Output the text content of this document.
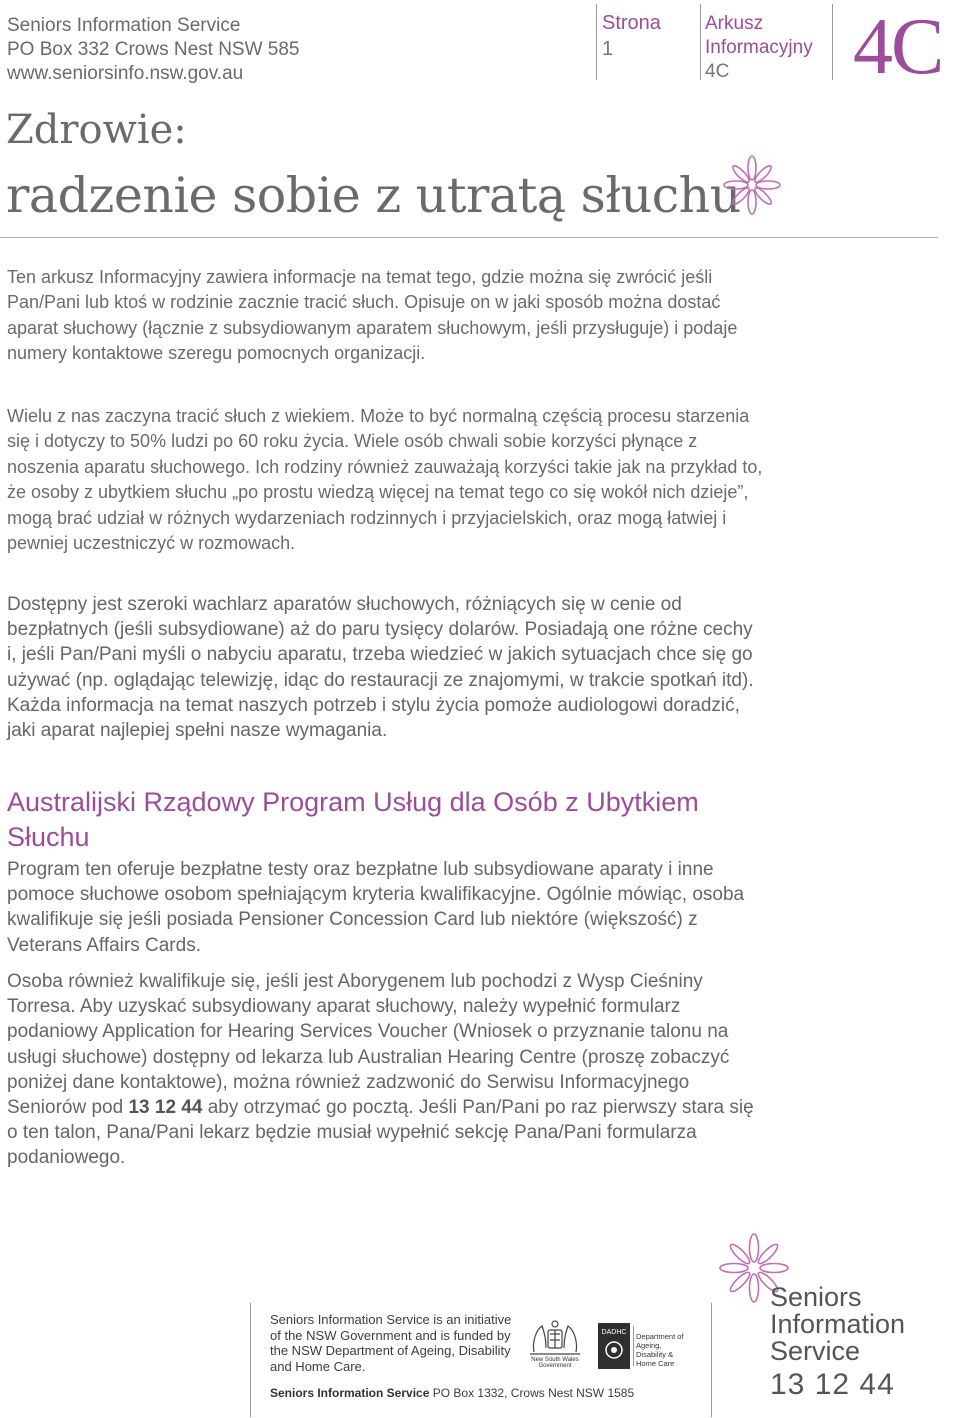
Seniors Information Service
PO Box 332 Crows Nest NSW 585
www.seniorsinfo.nsw.gov.au
Strona
1
Arkusz
Informacyjny
4C	4C
Zdrowie:
radzenie sobie z utratą słuchu
Ten arkusz Informacyjny zawiera informacje na temat tego, gdzie można się zwrócić jeśli Pan/Pani lub ktoś w rodzinie zacznie tracić słuch. Opisuje on w jaki sposób można dostać aparat słuchowy (łącznie z subsydiowanym aparatem słuchowym, jeśli przysługuje) i podaje numery kontaktowe szeregu pomocnych organizacji.
Wielu z nas zaczyna tracić słuch z wiekiem. Może to być normalną częścią procesu starzenia się i dotyczy to 50% ludzi po 60 roku życia. Wiele osób chwali sobie korzyści płynące z noszenia aparatu słuchowego. Ich rodziny również zauważają korzyści takie jak na przykład to, że osoby z ubytkiem słuchu „po prostu wiedzą więcej na temat tego co się wokół nich dzieje”, mogą brać udział w różnych wydarzeniach rodzinnych i przyjacielskich, oraz mogą łatwiej i pewniej uczestniczyć w rozmowach.
Dostępny jest szeroki wachlarz aparatów słuchowych, różniących się w cenie od bezpłatnych (jeśli subsydiowane) aż do paru tysięcy dolarów. Posiadają one różne cechy i, jeśli Pan/Pani myśli o nabyciu aparatu, trzeba wiedzieć w jakich sytuacjach chce się go używać (np. oglądając telewizję, idąc do restauracji ze znajomymi, w trakcie spotkań itd). Każda informacja na temat naszych potrzeb i stylu życia pomoże audiologowi doradzić, jaki aparat najlepiej spełni nasze wymagania.
Australijski Rządowy Program Usług dla Osób z Ubytkiem Słuchu
Program ten oferuje bezpłatne testy oraz bezpłatne lub subsydiowane aparaty i inne pomoce słuchowe osobom spełniającym kryteria kwalifikacyjne. Ogólnie mówiąc, osoba kwalifikuje się jeśli posiada Pensioner Concession Card lub niektóre (większość) z Veterans Affairs Cards.
Osoba również kwalifikuje się, jeśli jest Aborygenem lub pochodzi z Wysp Cieśniny Torresa. Aby uzyskać subsydiowany aparat słuchowy, należy wypełnić formularz podaniowy Application for Hearing Services Voucher (Wniosek o przyznanie talonu na usługi słuchowe) dostępny od lekarza lub Australian Hearing Centre (proszę zobaczyć poniżej dane kontaktowe), można również zadzwonić do Serwisu Informacyjnego Seniorów pod 13 12 44 aby otrzymać go pocztą. Jeśli Pan/Pani po raz pierwszy stara się o ten talon, Pana/Pani lekarz będzie musiał wypełnić sekcję Pana/Pani formularza podaniowego.
Seniors Information Service is an initiative of the NSW Government and is funded by the NSW Department of Ageing, Disability and Home Care.
Seniors Information Service PO Box 1332, Crows Nest NSW 1585
New South Wales Government
DADHC	Department of Ageing, Disability & Home Care
Seniors
Information
Service
13 12 44
